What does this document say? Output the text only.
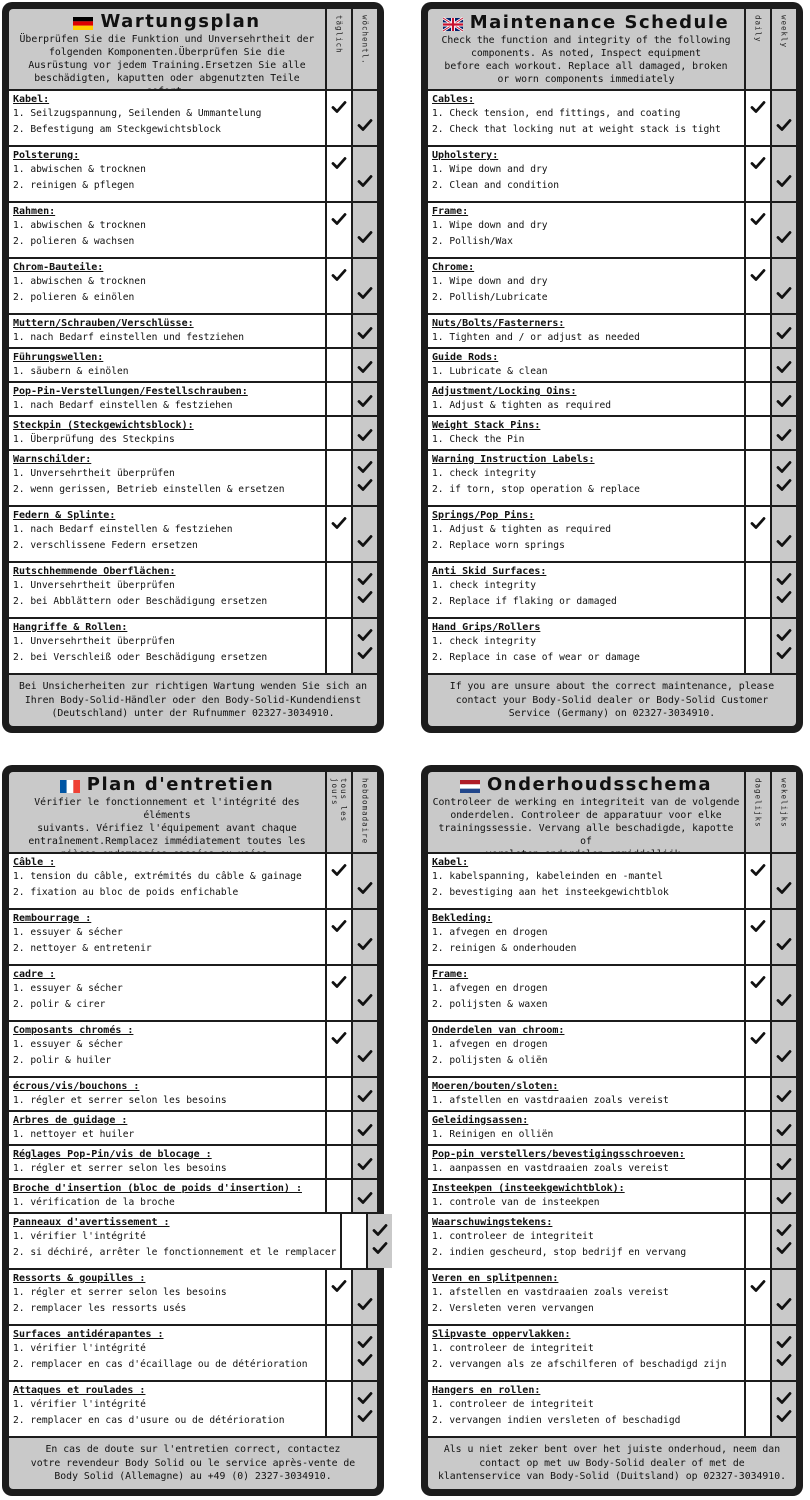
Wartungsplan
Überprüfen Sie die Funktion und Unversehrtheit der
folgenden Komponenten.Überprüfen Sie die
Ausrüstung vor jedem Training.Ersetzen Sie alle
beschädigten, kaputten oder abgenutzten Teile
täglich wöchentl.
Kabel:
1. Seilzugspannung, Seilenden & Ummantelung
2. Befestigung am Steckgewichtsblock
Polsterung:
1. abwischen & trocknen
2. reinigen & pflegen
Rahmen:
1. abwischen & trocknen
2. polieren & wachsen
Chrom-Bauteile:
1. abwischen & trocknen
2. polieren & einölen
Muttern/Schrauben/Verschlüsse:
1. nach Bedarf einstellen und festziehen
Führungswellen:
1. säubern & einölen
Pop-Pin-Verstellungen/Festellschrauben:
1. nach Bedarf einstellen & festziehen
Steckpin (Steckgewichtsblock):
1. Überprüfung des Steckpins
Warnschilder:
1. Unversehrtheit überprüfen
2. wenn gerissen, Betrieb einstellen & ersetzen
Federn & Splinte:
1. nach Bedarf einstellen & festziehen
2. verschlissene Federn ersetzen
Rutschhemmende Oberflächen:
1. Unversehrtheit überprüfen
2. bei Abblättern oder Beschädigung ersetzen
Hangriffe & Rollen:
1. Unversehrtheit überprüfen
2. bei Verschleiß oder Beschädigung ersetzen
Bei Unsicherheiten zur richtigen Wartung wenden Sie sich an
Ihren Body-Solid-Händler oder den Body-Solid-Kundendienst
(Deutschland) unter der Rufnummer 02327-3034910.
Maintenance Schedule
Check the function and integrity of the following
components. As noted, Inspect equipment
before each workout. Replace all damaged, broken
or worn components immediately
daily weekly
Cables:
1. Check tension, end fittings, and coating
2. Check that locking nut at weight stack is tight
Upholstery:
1. Wipe down and dry
2. Clean and condition
Frame:
1. Wipe down and dry
2. Pollish/Wax
Chrome:
1. Wipe down and dry
2. Pollish/Lubricate
Nuts/Bolts/Fasterners:
1. Tighten and / or adjust as needed
Guide Rods:
1. Lubricate & clean
Adjustment/Locking Oins:
1. Adjust & tighten as required
Weight Stack Pins:
1. Check the Pin
Warning Instruction Labels:
1. check integrity
2. if torn, stop operation & replace
Springs/Pop Pins:
1. Adjust & tighten as required
2. Replace worn springs
Anti Skid Surfaces:
1. check integrity
2. Replace if flaking or damaged
Hand Grips/Rollers
1. check integrity
2. Replace in case of wear or damage
If you are unsure about the correct maintenance, please
contact your Body-Solid dealer or Body-Solid Customer
Service (Germany) on 02327-3034910.
Plan d'entretien
Vérifier le fonctionnement et l'intégrité des éléments
suivants. Vérifiez l'équipement avant chaque
entraînement.Remplacez immédiatement toutes les
tous les jours	hebdomadaire
Câble :
1. tension du câble, extrémités du câble & gainage
2. fixation au bloc de poids enfichable
Rembourrage :
1. essuyer & sécher
2. nettoyer & entretenir
cadre :
1. essuyer & sécher
2. polir & cirer
Composants chromés :
1. essuyer & sécher
2. polir & huiler
écrous/vis/bouchons :
1. régler et serrer selon les besoins
Arbres de guidage :
1. nettoyer et huiler
Réglages Pop-Pin/vis de blocage :
1. régler et serrer selon les besoins
Broche d'insertion (bloc de poids d'insertion) :
1. vérification de la broche
Panneaux d'avertissement :
1. vérifier l'intégrité
2. si déchiré, arrêter le fonctionnement et le remplacer
Ressorts & goupilles :
1. régler et serrer selon les besoins
2. remplacer les ressorts usés
Surfaces antidérapantes :
1. vérifier l'intégrité
2. remplacer en cas d'écaillage ou de détérioration
Attaques et roulades :
1. vérifier l'intégrité
2. remplacer en cas d'usure ou de détérioration
En cas de doute sur l'entretien correct, contactez
votre revendeur Body Solid ou le service après-vente de
Body Solid (Allemagne) au +49 (0) 2327-3034910.
Onderhoudsschema
Controleer de werking en integriteit van de volgende
onderdelen. Controleer de apparatuur voor elke
trainingssessie. Vervang alle beschadigde, kapotte of
dagelijks wekelijks
Kabel:
1. kabelspanning, kabeleinden en -mantel
2. bevestiging aan het insteekgewichtblok
Bekleding:
1. afvegen en drogen
2. reinigen & onderhouden
Frame:
1. afvegen en drogen
2. polijsten & waxen
Onderdelen van chroom:
1. afvegen en drogen
2. polijsten & oliën
Moeren/bouten/sloten:
1. afstellen en vastdraaien zoals vereist
Geleidingsassen:
1. Reinigen en olliën
Pop-pin verstellers/bevestigingsschroeven:
1. aanpassen en vastdraaien zoals vereist
Insteekpen (insteekgewichtblok):
1. controle van de insteekpen
Waarschuwingstekens:
1. controleer de integriteit
2. indien gescheurd, stop bedrijf en vervang
Veren en splitpennen:
1. afstellen en vastdraaien zoals vereist
2. Versleten veren vervangen
Slipvaste oppervlakken:
1. controleer de integriteit
2. vervangen als ze afschilferen of beschadigd zijn
Hangers en rollen:
1. controleer de integriteit
2. vervangen indien versleten of beschadigd
Als u niet zeker bent over het juiste onderhoud, neem dan
contact op met uw Body-Solid dealer of met de
klantenservice van Body-Solid (Duitsland) op 02327-3034910.
